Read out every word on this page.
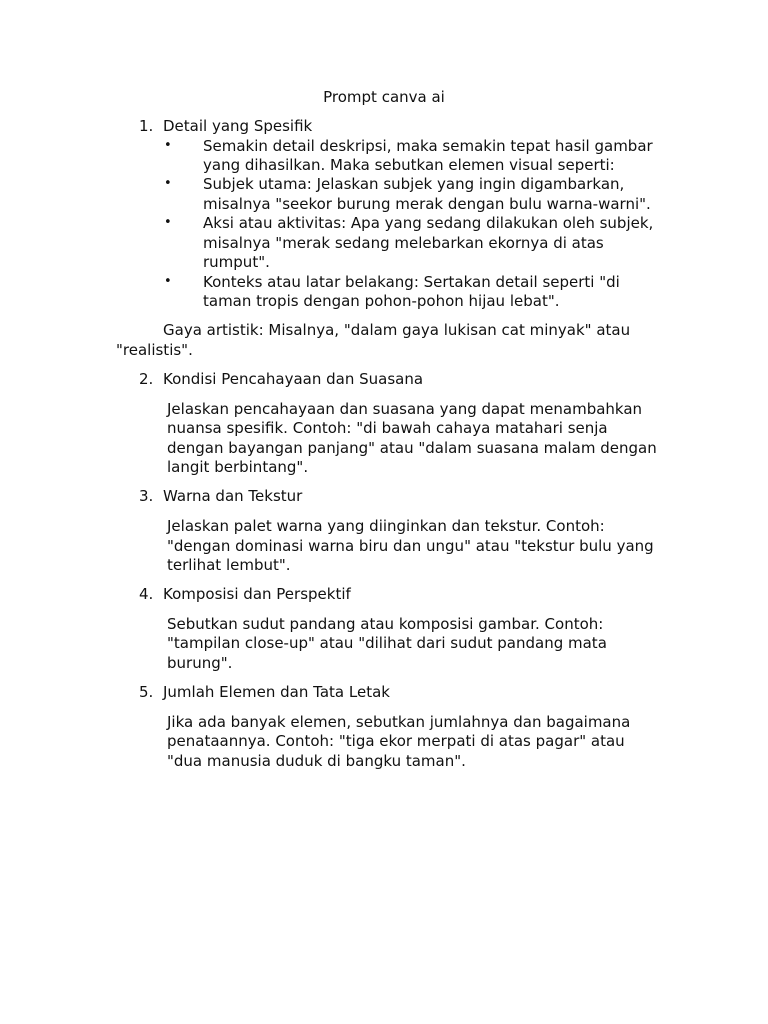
Prompt canva ai
1. Detail yang Spesifik
• Semakin detail deskripsi, maka semakin tepat hasil gambar
yang dihasilkan. Maka sebutkan elemen visual seperti:
• Subjek utama: Jelaskan subjek yang ingin digambarkan,
misalnya "seekor burung merak dengan bulu warna-warni".
• Aksi atau aktivitas: Apa yang sedang dilakukan oleh subjek,
misalnya "merak sedang melebarkan ekornya di atas
rumput".
• Konteks atau latar belakang: Sertakan detail seperti "di
taman tropis dengan pohon-pohon hijau lebat".
Gaya artistik: Misalnya, "dalam gaya lukisan cat minyak" atau
"realistis".
2. Kondisi Pencahayaan dan Suasana
Jelaskan pencahayaan dan suasana yang dapat menambahkan
nuansa spesifik. Contoh: "di bawah cahaya matahari senja
dengan bayangan panjang" atau "dalam suasana malam dengan
langit berbintang".
3. Warna dan Tekstur
Jelaskan palet warna yang diinginkan dan tekstur. Contoh:
"dengan dominasi warna biru dan ungu" atau "tekstur bulu yang
terlihat lembut".
4. Komposisi dan Perspektif
Sebutkan sudut pandang atau komposisi gambar. Contoh:
"tampilan close-up" atau "dilihat dari sudut pandang mata
burung".
5. Jumlah Elemen dan Tata Letak
Jika ada banyak elemen, sebutkan jumlahnya dan bagaimana
penataannya. Contoh: "tiga ekor merpati di atas pagar" atau
"dua manusia duduk di bangku taman".
